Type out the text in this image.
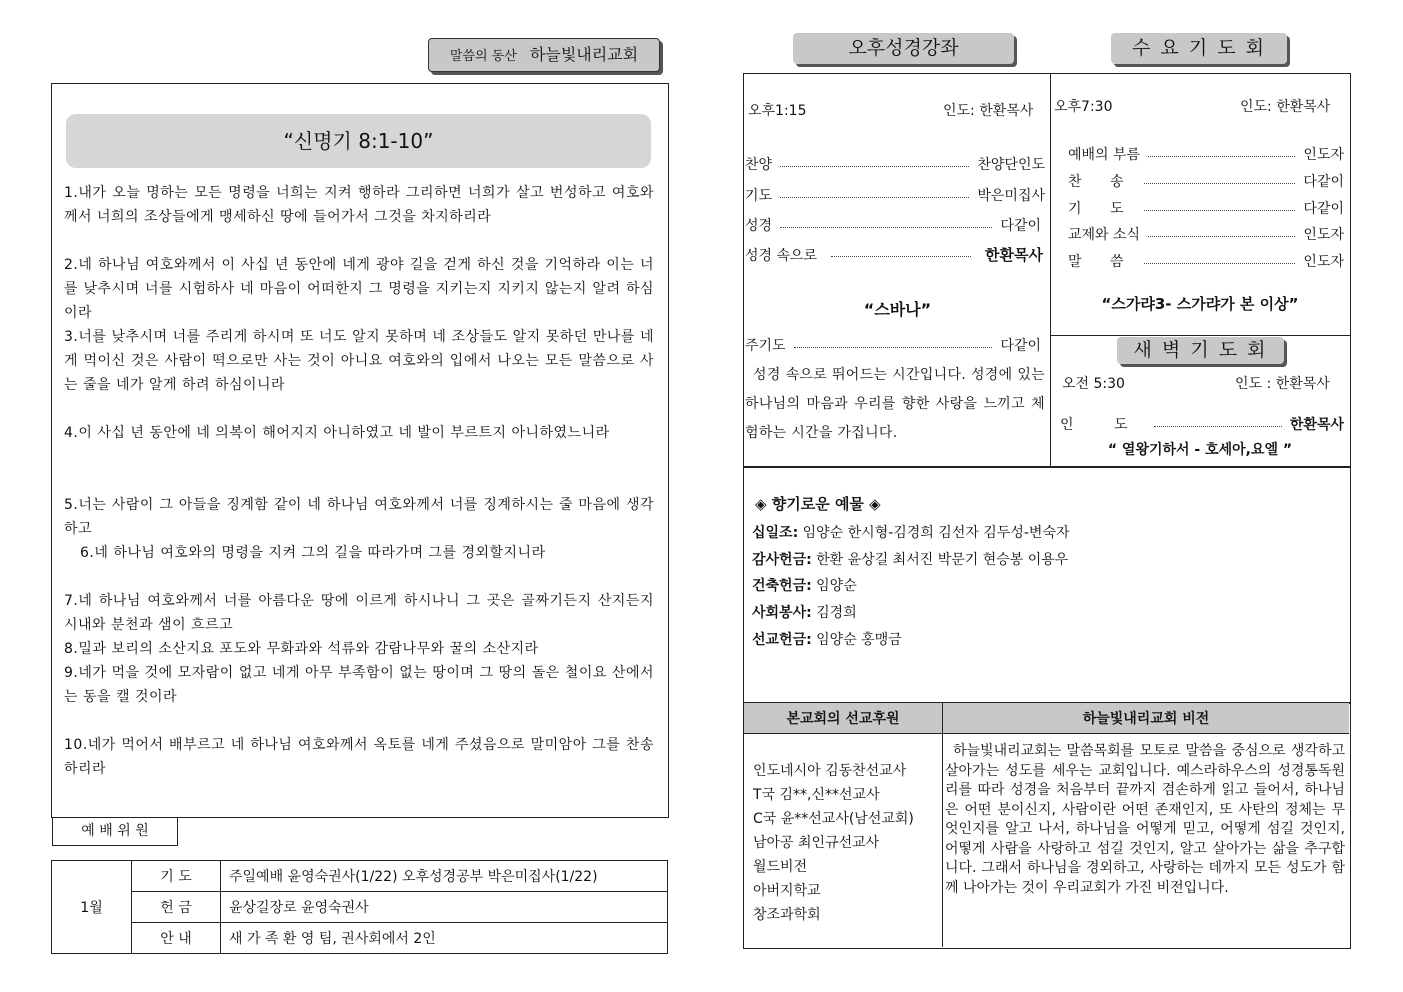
말씀의 동산 하늘빛내리교회
“신명기 8:1-10”
1.내가 오늘 명하는 모든 명령을 너희는 지켜 행하라 그리하면 너희가 살고 번성하고 여호와께서 너희의 조상들에게 맹세하신 땅에 들어가서 그것을 차지하리라
2.네 하나님 여호와께서 이 사십 년 동안에 네게 광야 길을 걷게 하신 것을 기억하라 이는 너를 낮추시며 너를 시험하사 네 마음이 어떠한지 그 명령을 지키는지 지키지 않는지 알려 하심이라
3.너를 낮추시며 너를 주리게 하시며 또 너도 알지 못하며 네 조상들도 알지 못하던 만나를 네게 먹이신 것은 사람이 떡으로만 사는 것이 아니요 여호와의 입에서 나오는 모든 말씀으로 사는 줄을 네가 알게 하려 하심이니라
4.이 사십 년 동안에 네 의복이 해어지지 아니하였고 네 발이 부르트지 아니하였느니라
5.너는 사람이 그 아들을 징계함 같이 네 하나님 여호와께서 너를 징계하시는 줄 마음에 생각하고
6.네 하나님 여호와의 명령을 지켜 그의 길을 따라가며 그를 경외할지니라
7.네 하나님 여호와께서 너를 아름다운 땅에 이르게 하시나니 그 곳은 골짜기든지 산지든지 시내와 분천과 샘이 흐르고
8.밀과 보리의 소산지요 포도와 무화과와 석류와 감람나무와 꿀의 소산지라
9.네가 먹을 것에 모자람이 없고 네게 아무 부족함이 없는 땅이며 그 땅의 돌은 철이요 산에서는 동을 캘 것이라
10.네가 먹어서 배부르고 네 하나님 여호와께서 옥토를 네게 주셨음으로 말미암아 그를 찬송하리라
예 배 위 원
1월	기 도	주일예배 윤영숙권사(1/22) 오후성경공부 박은미집사(1/22)
	헌 금	윤상길장로 윤영숙권사
	안 내	새 가 족 환 영 팀, 권사회에서 2인
오후성경강좌	수 요 기 도 회
오후1:15	인도: 한환목사
찬양	찬양단인도
기도	박은미집사
성경	다같이
성경 속으로	한환목사
“스바나”
주기도	다같이
성경 속으로 뛰어드는 시간입니다. 성경에 있는 하나님의 마음과 우리를 향한 사랑을 느끼고 체험하는 시간을 가집니다.
오후7:30	인도: 한환목사
예배의 부름	인도자
찬 송	다같이
기 도	다같이
교제와 소식	인도자
말 씀	인도자
“스가랴3- 스가랴가 본 이상”
새 벽 기 도 회
오전 5:30	인도 : 한환목사
인 도	한환목사
“ 열왕기하서 - 호세아,요엘 ”
◈ 향기로운 예물 ◈
십일조: 임양순 한시형-김경희 김선자 김두성-변숙자
감사헌금: 한환 윤상길 최서진 박문기 현승봉 이용우
건축헌금: 임양순
사회봉사: 김경희
선교헌금: 임양순 홍맹금
본교회의 선교후원	하늘빛내리교회 비전
인도네시아 김동찬선교사
T국 김**,신**선교사
C국 윤**선교사(남선교회)
남아공 최인규선교사
월드비전
아버지학교
창조과학회
하늘빛내리교회는 말씀목회를 모토로 말씀을 중심으로 생각하고 살아가는 성도를 세우는 교회입니다. 예스라하우스의 성경통독원리를 따라 성경을 처음부터 끝까지 겸손하게 읽고 들어서, 하나님은 어떤 분이신지, 사람이란 어떤 존재인지, 또 사탄의 정체는 무엇인지를 알고 나서, 하나님을 어떻게 믿고, 어떻게 섬길 것인지, 어떻게 사람을 사랑하고 섬길 것인지, 알고 살아가는 삶을 추구합니다. 그래서 하나님을 경외하고, 사랑하는 데까지 모든 성도가 함께 나아가는 것이 우리교회가 가진 비전입니다.
